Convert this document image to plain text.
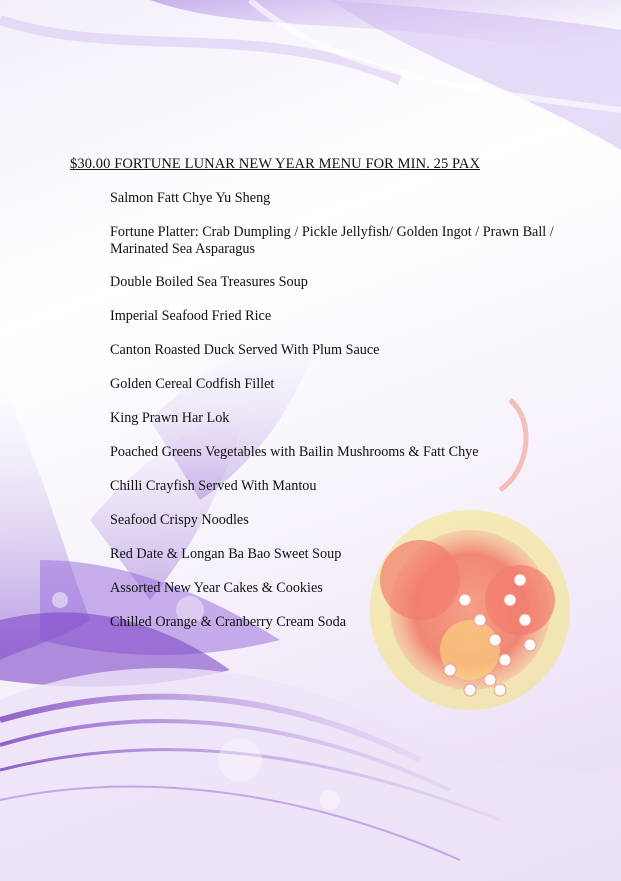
$30.00 FORTUNE LUNAR NEW YEAR MENU FOR MIN. 25 PAX
Salmon Fatt Chye Yu Sheng
Fortune Platter: Crab Dumpling / Pickle Jellyfish/ Golden Ingot / Prawn Ball / Marinated Sea Asparagus
Double Boiled Sea Treasures Soup
Imperial Seafood Fried Rice
Canton Roasted Duck Served With Plum Sauce
Golden Cereal Codfish Fillet
King Prawn Har Lok
Poached Greens Vegetables with Bailin Mushrooms & Fatt Chye
Chilli Crayfish Served With Mantou
Seafood Crispy Noodles
Red Date & Longan Ba Bao Sweet Soup
Assorted New Year Cakes & Cookies
Chilled Orange & Cranberry Cream Soda
